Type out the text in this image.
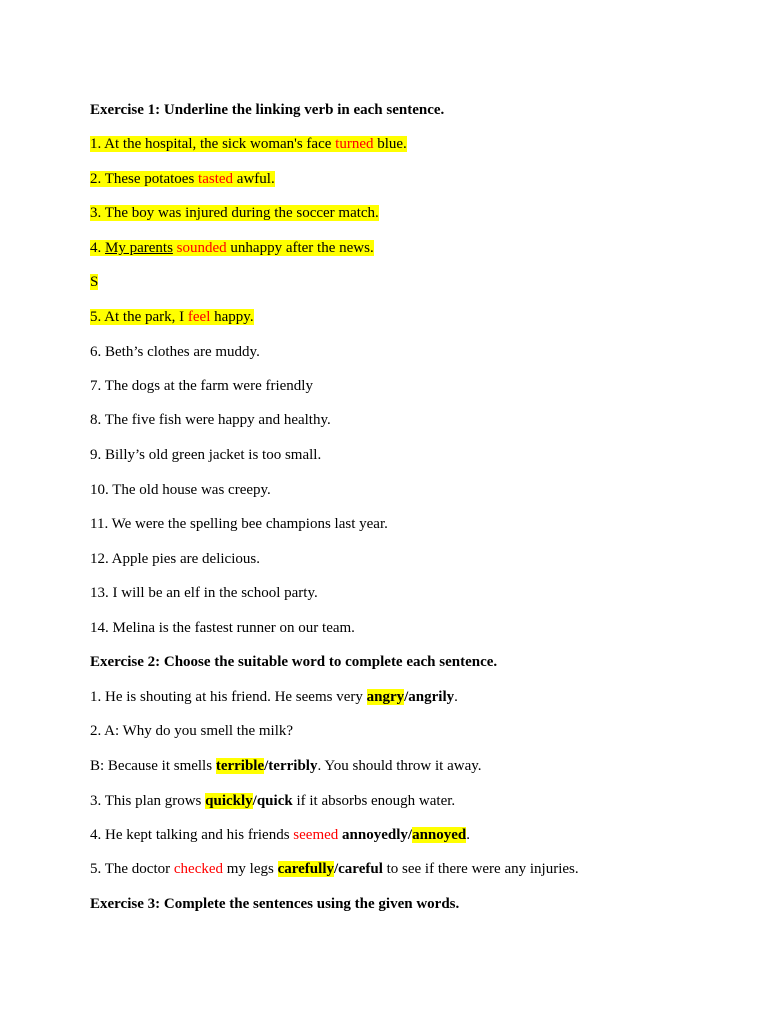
Exercise 1: Underline the linking verb in each sentence.
1. At the hospital, the sick woman's face turned blue.
2. These potatoes tasted awful.
3. The boy was injured during the soccer match.
4. My parents sounded unhappy after the news.
S
5. At the park, I feel happy.
6. Beth’s clothes are muddy.
7. The dogs at the farm were friendly
8. The five fish were happy and healthy.
9. Billy’s old green jacket is too small.
10. The old house was creepy.
11. We were the spelling bee champions last year.
12. Apple pies are delicious.
13. I will be an elf in the school party.
14. Melina is the fastest runner on our team.
Exercise 2: Choose the suitable word to complete each sentence.
1. He is shouting at his friend. He seems very angry/angrily.
2. A: Why do you smell the milk?
B: Because it smells terrible/terribly. You should throw it away.
3. This plan grows quickly/quick if it absorbs enough water.
4. He kept talking and his friends seemed annoyedly/annoyed.
5. The doctor checked my legs carefully/careful to see if there were any injuries.
Exercise 3: Complete the sentences using the given words.
